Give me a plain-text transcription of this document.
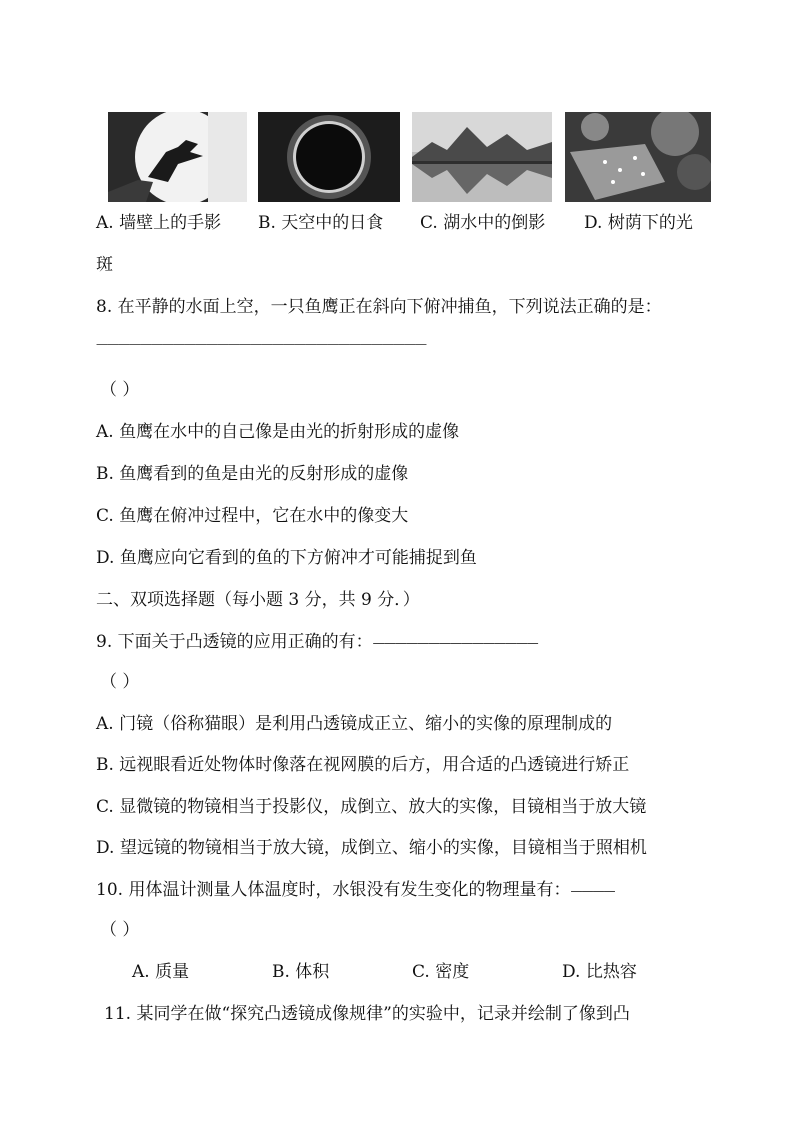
A. 墙壁上的手影 B. 天空中的日食 C. 湖水中的倒影 D. 树荫下的光
斑
8. 在平静的水面上空，一只鱼鹰正在斜向下俯冲捕鱼，下列说法正确的是：
——————————————————————————————
（ ）
A. 鱼鹰在水中的自己像是由光的折射形成的虚像
B. 鱼鹰看到的鱼是由光的反射形成的虚像
C. 鱼鹰在俯冲过程中，它在水中的像变大
D. 鱼鹰应向它看到的鱼的下方俯冲才可能捕捉到鱼
二、双项选择题（每小题 3 分，共 9 分．）
9. 下面关于凸透镜的应用正确的有：———————————————
（ ）
A. 门镜（俗称猫眼）是利用凸透镜成正立、缩小的实像的原理制成的
B. 远视眼看近处物体时像落在视网膜的后方，用合适的凸透镜进行矫正
C. 显微镜的物镜相当于投影仪，成倒立、放大的实像，目镜相当于放大镜
D. 望远镜的物镜相当于放大镜，成倒立、缩小的实像，目镜相当于照相机
10. 用体温计测量人体温度时，水银没有发生变化的物理量有：————
（ ）
A. 质量	B. 体积	C. 密度	D. 比热容
11. 某同学在做“探究凸透镜成像规律”的实验中，记录并绘制了像到凸
